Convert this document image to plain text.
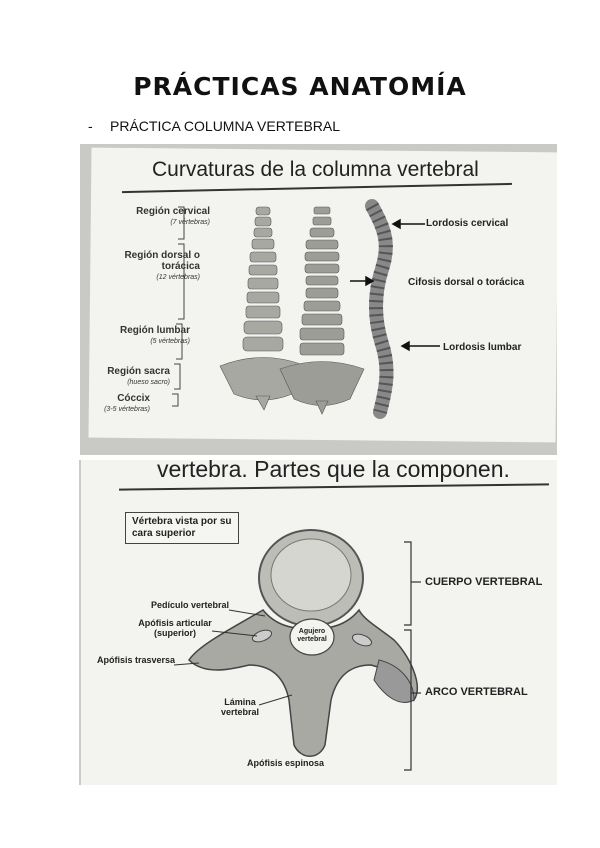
PRÁCTICAS ANATOMÍA
- PRÁCTICA COLUMNA VERTEBRAL
Curvaturas de la columna vertebral
Región cervical
(7 vértebras)
Región dorsal o torácica
(12 vértebras)
Región lumbar
(5 vértebras)
Región sacra
(hueso sacro)
Cóccix
(3-5 vértebras)
Lordosis cervical
Cifosis dorsal o torácica
Lordosis lumbar
vertebra. Partes que la componen.
Vértebra vista por su cara superior
Pedículo vertebral
Apófisis articular (superior)	Agujero vertebral
Apófisis trasversa
Lámina vertebral
Apófisis espinosa
CUERPO VERTEBRAL
ARCO VERTEBRAL
